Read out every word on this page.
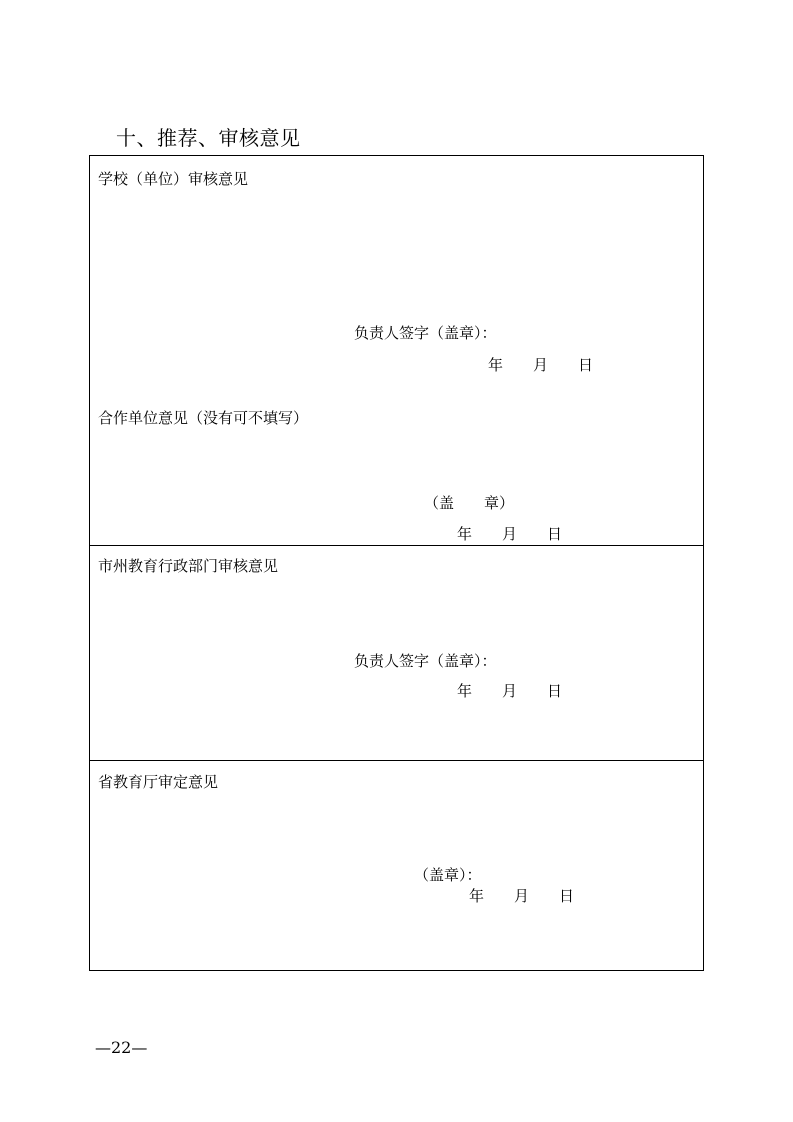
十、推荐、审核意见
学校（单位）审核意见
负责人签字（盖章）：
年　　月　　日
合作单位意见（没有可不填写）
（盖　　章）
年　　月　　日
市州教育行政部门审核意见
负责人签字（盖章）：
年　　月　　日
省教育厅审定意见
（盖章）：
年　　月　　日
—22—
